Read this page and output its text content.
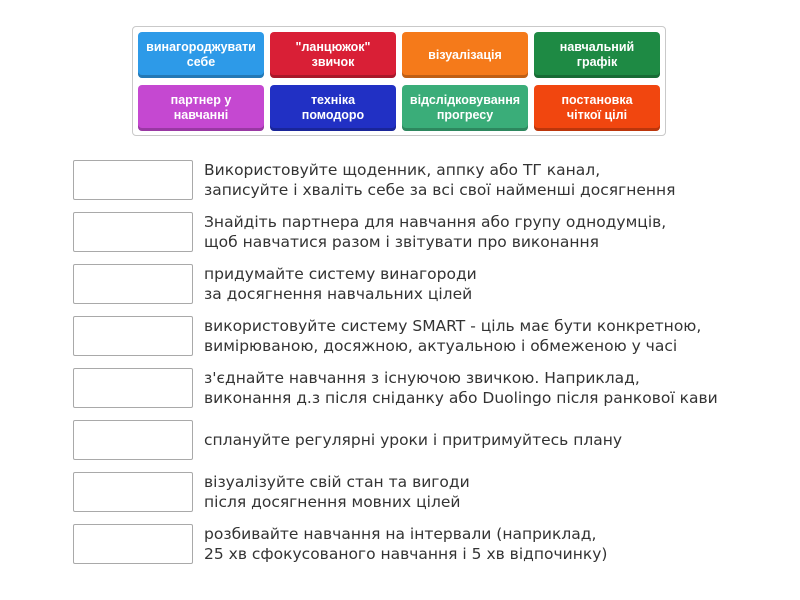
винагороджувати
себе
"ланцюжок"
звичок
візуалізація
навчальний
графік
партнер у
навчанні
техніка
помодоро
відслідковування
прогресу
постановка
чіткої цілі
Використовуйте щоденник, аппку або ТГ канал,
записуйте і хваліть себе за всі свої найменші досягнення
Знайдіть партнера для навчання або групу однодумців,
щоб навчатися разом і звітувати про виконання
придумайте систему винагороди
за досягнення навчальних цілей
використовуйте систему SMART - ціль має бути конкретною,
вимірюваною, досяжною, актуальною і обмеженою у часі
з'єднайте навчання з існуючою звичкою. Наприклад,
виконання д.з після сніданку або Duolingo після ранкової кави
сплануйте регулярні уроки і притримуйтесь плану
візуалізуйте свій стан та вигоди
після досягнення мовних цілей
розбивайте навчання на інтервали (наприклад,
25 хв сфокусованого навчання і 5 хв відпочинку)
